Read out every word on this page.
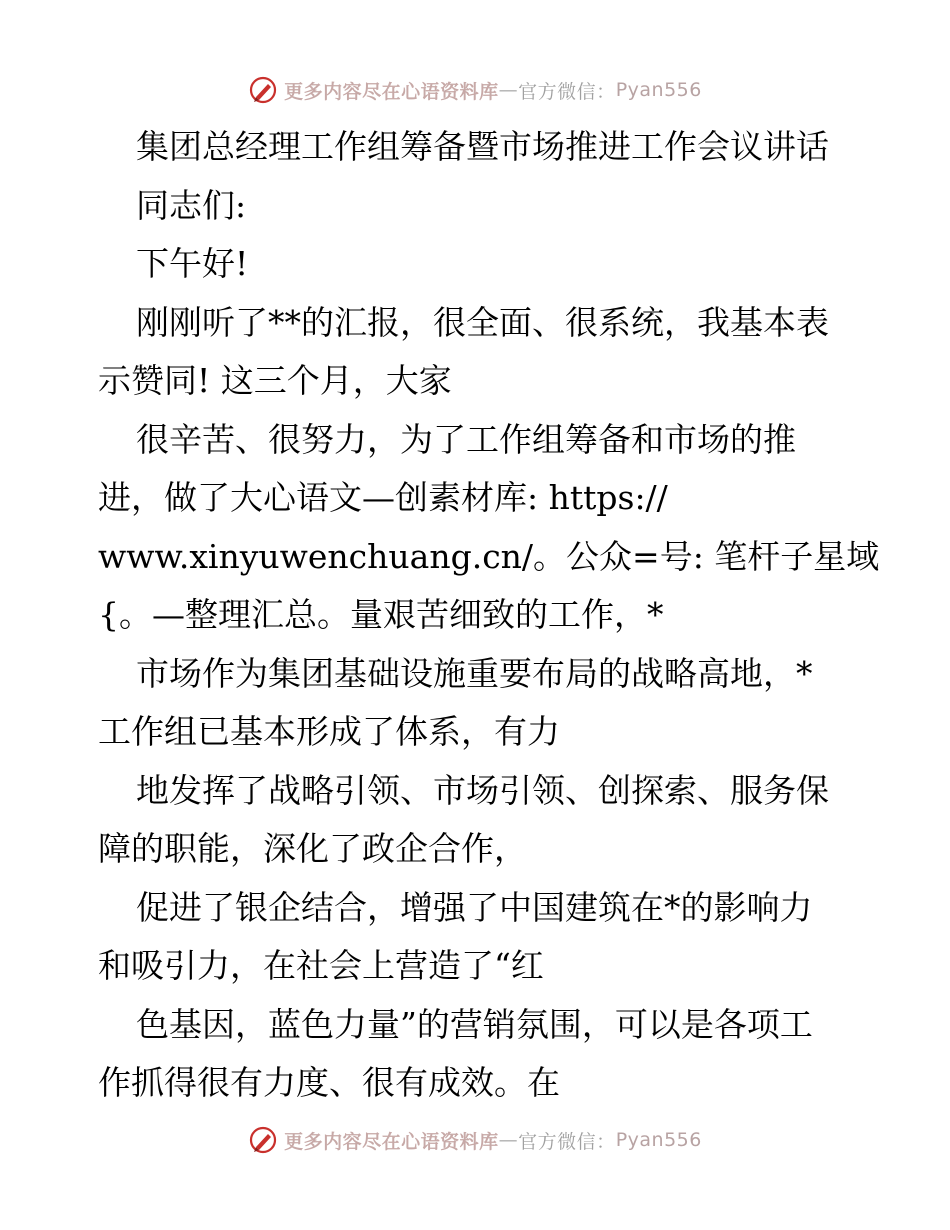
更多内容尽在心语资料库 — 官方微信： Pyan556
集团总经理工作组筹备暨市场推进工作会议讲话
同志们:
下午好!
刚刚听了**的汇报，很全面、很系统，我基本表
示赞同! 这三个月，大家
很辛苦、很努力，为了工作组筹备和市场的推
进，做了大心语文—创素材库: https://
www.xinyuwenchuang.cn/。公众=号: 笔杆子星域
{。—整理汇总。量艰苦细致的工作，*
市场作为集团基础设施重要布局的战略高地，*
工作组已基本形成了体系，有力
地发挥了战略引领、市场引领、创探索、服务保
障的职能，深化了政企合作，
促进了银企结合，增强了中国建筑在*的影响力
和吸引力，在社会上营造了“红
色基因，蓝色力量”的营销氛围，可以是各项工
作抓得很有力度、很有成效。在
更多内容尽在心语资料库 — 官方微信： Pyan556
